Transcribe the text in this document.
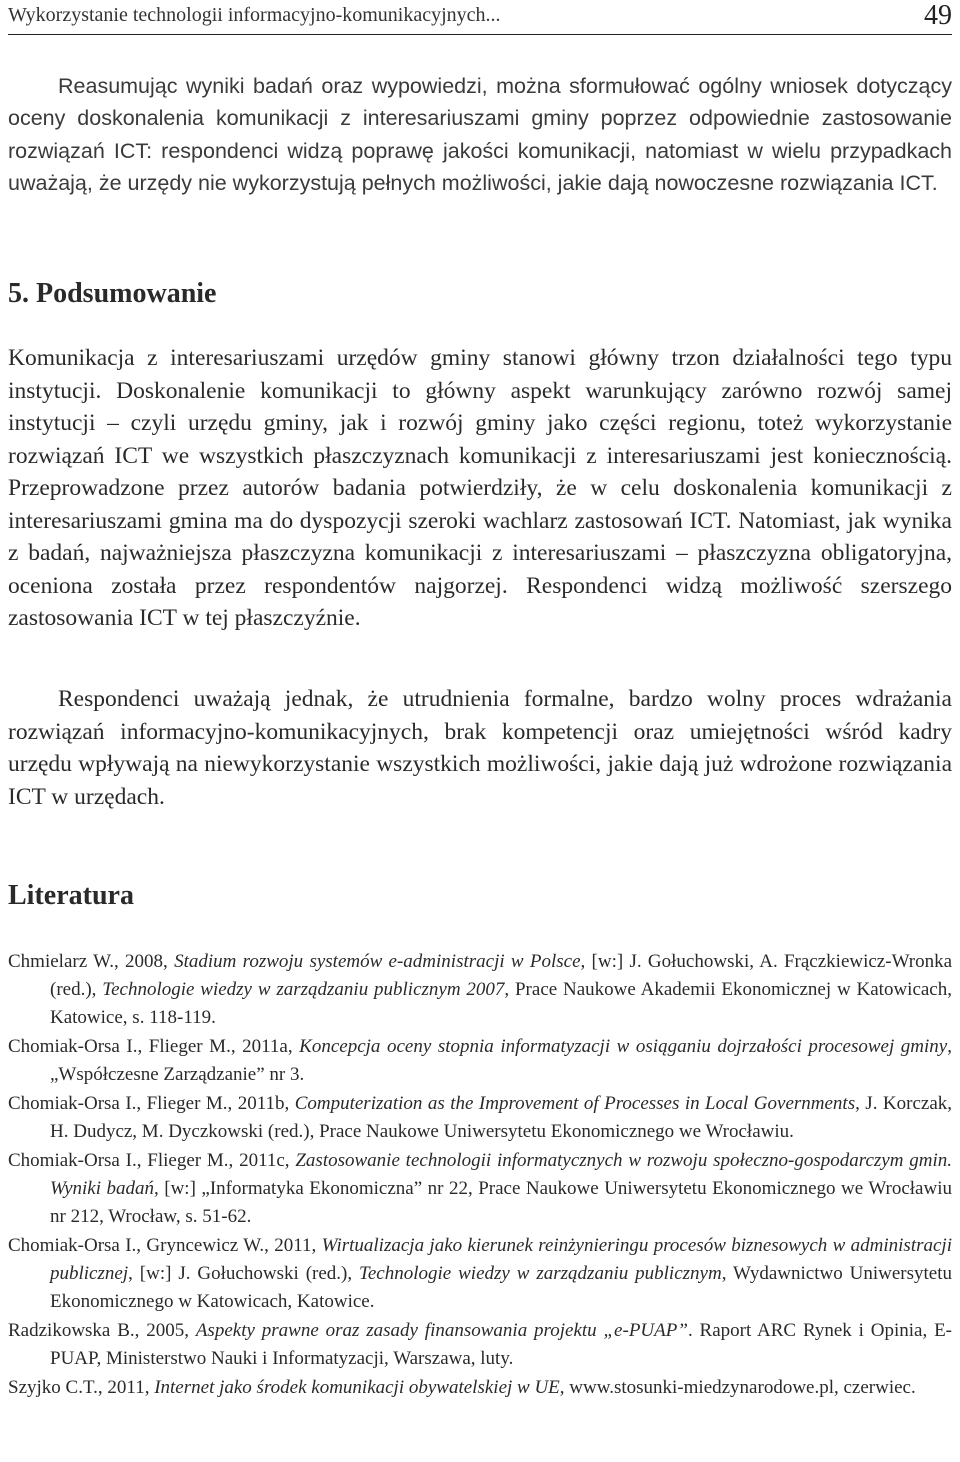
Wykorzystanie technologii informacyjno-komunikacyjnych...	49

Reasumując wyniki badań oraz wypowiedzi, można sformułować ogólny wniosek dotyczący oceny doskonalenia komunikacji z interesariuszami gminy poprzez odpowiednie zastosowanie rozwiązań ICT: respondenci widzą poprawę jakości komunikacji, natomiast w wielu przypadkach uważają, że urzędy nie wykorzystują pełnych możliwości, jakie dają nowoczesne rozwiązania ICT.

5. Podsumowanie

Komunikacja z interesariuszami urzędów gminy stanowi główny trzon działalności tego typu instytucji. Doskonalenie komunikacji to główny aspekt warunkujący zarówno rozwój samej instytucji – czyli urzędu gminy, jak i rozwój gminy jako części regionu, toteż wykorzystanie rozwiązań ICT we wszystkich płaszczyznach komunikacji z interesariuszami jest koniecznością. Przeprowadzone przez autorów badania potwierdziły, że w celu doskonalenia komunikacji z interesariuszami gmina ma do dyspozycji szeroki wachlarz zastosowań ICT. Natomiast, jak wynika z badań, najważniejsza płaszczyzna komunikacji z interesariuszami – płaszczyzna obligatoryjna, oceniona została przez respondentów najgorzej. Respondenci widzą możliwość szerszego zastosowania ICT w tej płaszczyźnie.

Respondenci uważają jednak, że utrudnienia formalne, bardzo wolny proces wdrażania rozwiązań informacyjno-komunikacyjnych, brak kompetencji oraz umiejętności wśród kadry urzędu wpływają na niewykorzystanie wszystkich możliwości, jakie dają już wdrożone rozwiązania ICT w urzędach.

Literatura
Chmielarz W., 2008, Stadium rozwoju systemów e-administracji w Polsce, [w:] J. Gołuchowski, A. Frączkiewicz-Wronka (red.), Technologie wiedzy w zarządzaniu publicznym 2007, Prace Naukowe Akademii Ekonomicznej w Katowicach, Katowice, s. 118-119.
Chomiak-Orsa I., Flieger M., 2011a, Koncepcja oceny stopnia informatyzacji w osiąganiu dojrzałości procesowej gminy, „Współczesne Zarządzanie” nr 3.
Chomiak-Orsa I., Flieger M., 2011b, Computerization as the Improvement of Processes in Local Governments, J. Korczak, H. Dudycz, M. Dyczkowski (red.), Prace Naukowe Uniwersytetu Ekonomicznego we Wrocławiu.
Chomiak-Orsa I., Flieger M., 2011c, Zastosowanie technologii informatycznych w rozwoju społeczno-gospodarczym gmin. Wyniki badań, [w:] „Informatyka Ekonomiczna” nr 22, Prace Naukowe Uniwersytetu Ekonomicznego we Wrocławiu nr 212, Wrocław, s. 51-62.
Chomiak-Orsa I., Gryncewicz W., 2011, Wirtualizacja jako kierunek reinżynieringu procesów biznesowych w administracji publicznej, [w:] J. Gołuchowski (red.), Technologie wiedzy w zarządzaniu publicznym, Wydawnictwo Uniwersytetu Ekonomicznego w Katowicach, Katowice.
Radzikowska B., 2005, Aspekty prawne oraz zasady finansowania projektu „e-PUAP”. Raport ARC Rynek i Opinia, E-PUAP, Ministerstwo Nauki i Informatyzacji, Warszawa, luty.
Szyjko C.T., 2011, Internet jako środek komunikacji obywatelskiej w UE, www.stosunki-miedzynarodowe.pl, czerwiec.
